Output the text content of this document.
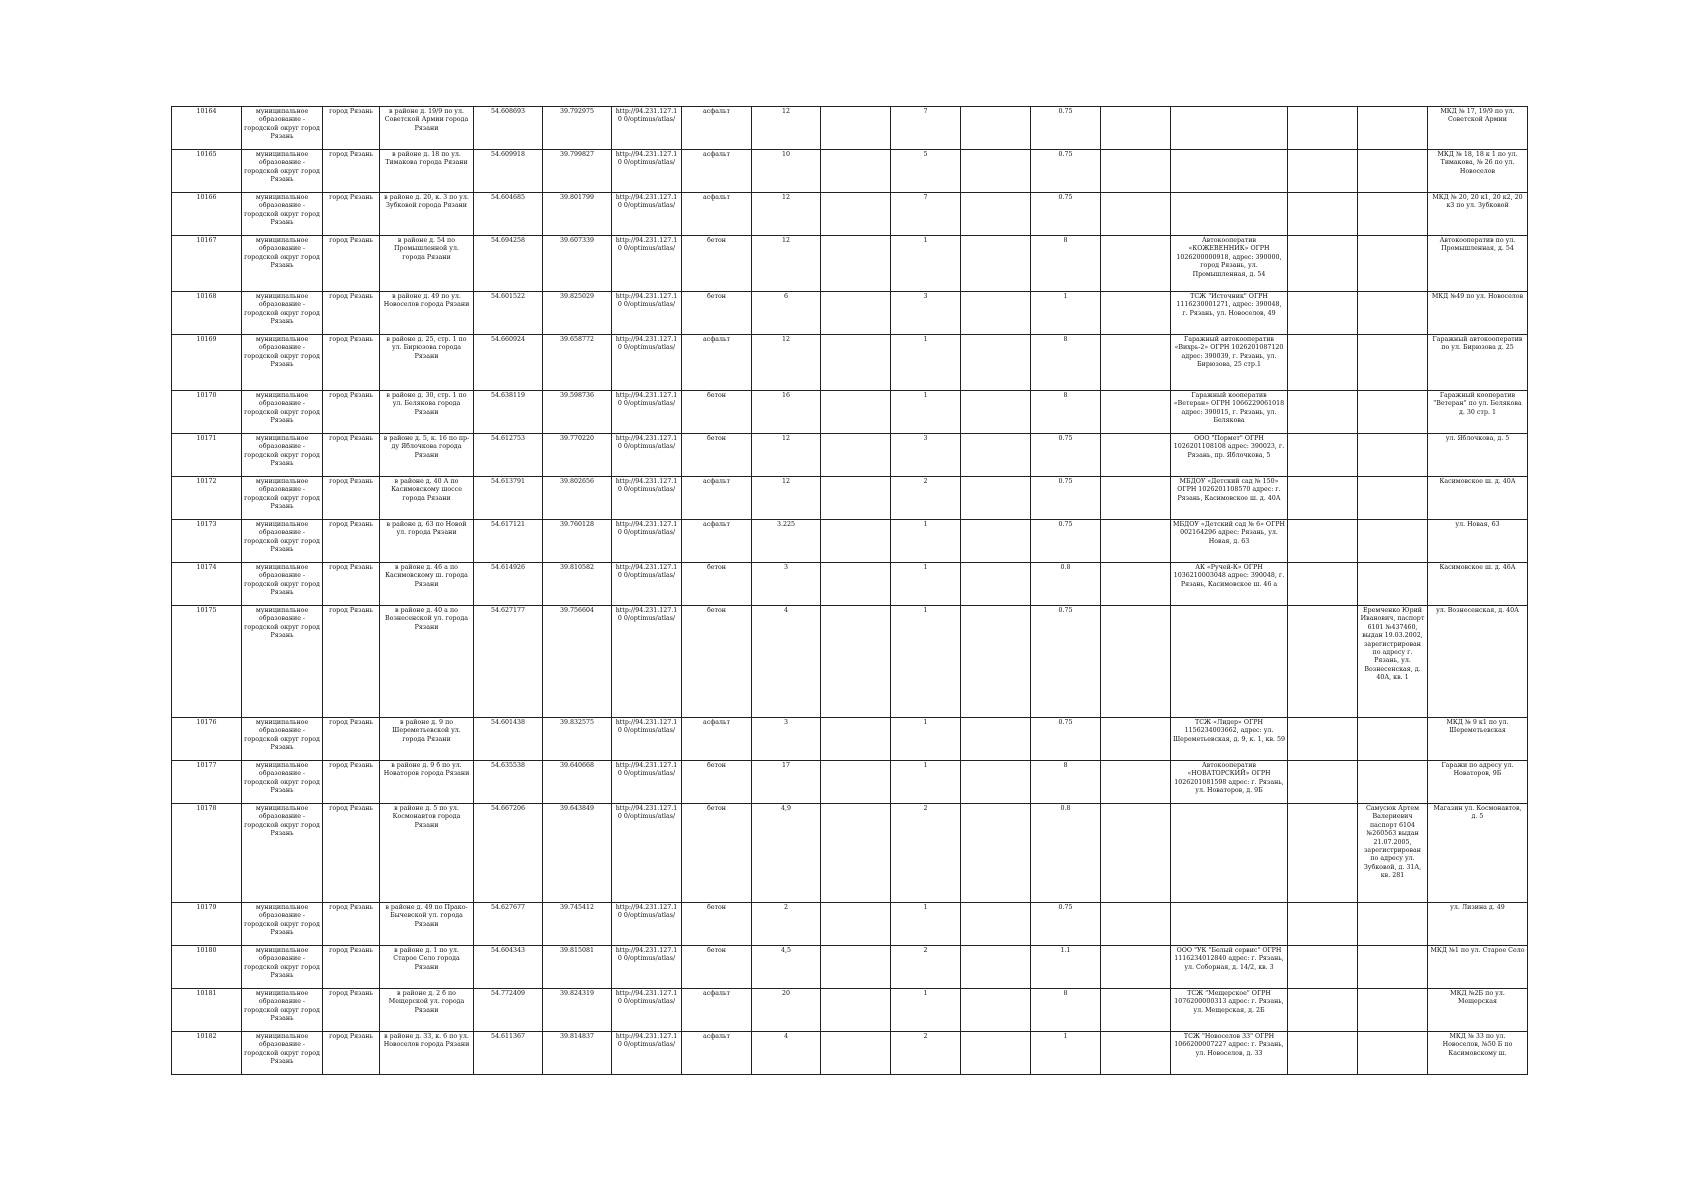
10164	муниципальное образование - городской округ город Рязань	город Рязань	в районе д. 19/9 по ул. Советской Армии города Рязани	54.608693	39.792975	http://94.231.127.10 0/optimus/atlas/	асфальт	12		7		0.75					МКД № 17, 19/9 по ул. Советской Армии
10165	муниципальное образование - городской округ город Рязань	город Рязань	в районе д. 18 по ул. Тимакова города Рязани	54.609918	39.799827	http://94.231.127.10 0/optimus/atlas/	асфальт	10		5		0.75					МКД № 18, 18 к 1 по ул. Тимакова, № 26 по ул. Новоселов
10166	муниципальное образование - городской округ город Рязань	город Рязань	в районе д. 20, к. 3 по ул. Зубковой города Рязани	54.604685	39.801799	http://94.231.127.10 0/optimus/atlas/	асфальт	12		7		0.75					МКД № 20, 20 к1, 20 к2, 20 к3 по ул. Зубковой
10167	муниципальное образование - городской округ город Рязань	город Рязань	в районе д. 54 по Промышленной ул. города Рязани	54.694258	39.607339	http://94.231.127.10 0/optimus/atlas/	бетон	12		1		8		Автокооператив «КОЖЕВЕННИК» ОГРН 1026200000918, адрес: 390000, город Рязань, ул. Промышленная, д. 54			Автокооператив по ул. Промышленная, д. 54
10168	муниципальное образование - городской округ город Рязань	город Рязань	в районе д. 49 по ул. Новоселов города Рязани	54.601522	39.825029	http://94.231.127.10 0/optimus/atlas/	бетон	6		3		1		ТСЖ "Источник" ОГРН 1116230001271, адрес: 390048, г. Рязань, ул. Новоселов, 49			МКД №49 по ул. Новоселов
10169	муниципальное образование - городской округ город Рязань	город Рязань	в районе д. 25, стр. 1 по ул. Бирюзова города Рязани	54.660924	39.658772	http://94.231.127.10 0/optimus/atlas/	асфальт	12		1		8		Гаражный автокооператив «Вихрь-2» ОГРН 1026201087120 адрес: 390039, г. Рязань, ул. Бирюзова, 25 стр.1			Гаражный автокооператив по ул. Бирюзова д. 25
10170	муниципальное образование - городской округ город Рязань	город Рязань	в районе д. 30, стр. 1 по ул. Белякова города Рязани	54.638119	39.598736	http://94.231.127.10 0/optimus/atlas/	бетон	16		1		8		Гаражный кооператив «Ветеран» ОГРН 1066229061018 адрес: 390015, г. Рязань, ул. Белякова			Гаражный кооператив "Ветеран" по ул. Белякова д. 30 стр. 1
10171	муниципальное образование - городской округ город Рязань	город Рязань	в районе д. 5, к. 16 по пр-ду Яблочкова города Рязани	54.612753	39.770220	http://94.231.127.10 0/optimus/atlas/	бетон	12		3		0.75		ООО "Пормет" ОГРН 1026201108108 адрес: 390023, г. Рязань, пр. Яблочкова, 5			ул. Яблочкова, д. 5
10172	муниципальное образование - городской округ город Рязань	город Рязань	в районе д. 40 А по Касимовскому шоссе города Рязани	54.613791	39.802656	http://94.231.127.10 0/optimus/atlas/	асфальт	12		2		0.75		МБДОУ «Детский сад № 150» ОГРН 1026201108570 адрес: г. Рязань, Касимовское ш. д. 40А			Касимовское ш. д. 40А
10173	муниципальное образование - городской округ город Рязань	город Рязань	в районе д. 63 по Новой ул. города Рязани	54.617121	39.760128	http://94.231.127.10 0/optimus/atlas/	асфальт	3.225		1		0.75		МБДОУ «Детский сад № 6» ОГРН 002164296 адрес: Рязань, ул. Новая, д. 63			ул. Новая, 63
10174	муниципальное образование - городской округ город Рязань	город Рязань	в районе д. 46 а по Касимовскому ш. города Рязани	54.614926	39.810582	http://94.231.127.10 0/optimus/atlas/	бетон	3		1		0.8		АК «Ручей-К» ОГРН 1036210003048 адрес: 390048, г. Рязань, Касимовское ш. 46 а			Касимовское ш. д. 46А
10175	муниципальное образование - городской округ город Рязань	город Рязань	в районе д. 40 а по Вознесенской ул. города Рязани	54.627177	39.756604	http://94.231.127.10 0/optimus/atlas/	бетон	4		1		0.75				Еремченко Юрий Иванович, паспорт 6101 №437460, выдан 19.03.2002, зарегистрирован по адресу г. Рязань, ул. Вознесенская, д. 40А, кв. 1	ул. Вознесенская, д. 40А
10176	муниципальное образование - городской округ город Рязань	город Рязань	в районе д. 9 по Шереметьевской ул. города Рязани	54.601438	39.832575	http://94.231.127.10 0/optimus/atlas/	асфальт	3		1		0.75		ТСЖ «Лидер» ОГРН 1156234003662, адрес: ул. Шереметьевская, д. 9, к. 1, кв. 59			МКД № 9 к1 по ул. Шереметьевская
10177	муниципальное образование - городской округ город Рязань	город Рязань	в районе д. 9 б по ул. Новаторов города Рязани	54.635538	39.640668	http://94.231.127.10 0/optimus/atlas/	бетон	17		1		8		Автокооператив «НОВАТОРСКИЙ» ОГРН 1026201081598 адрес: г. Рязань, ул. Новаторов, д. 9Б			Гаражи по адресу ул. Новаторов, 9Б
10178	муниципальное образование - городской округ город Рязань	город Рязань	в районе д. 5 по ул. Космонавтов города Рязани	54.667206	39.643849	http://94.231.127.10 0/optimus/atlas/	бетон	4,9		2		0.8				Самусюк Артем Валериевич паспорт 6104 №260563 выдан 21.07.2005, зарегистрирован по адресу ул. Зубковой, д. 31А, кв. 281	Магазин ул. Космонавтов, д. 5
10179	муниципальное образование - городской округ город Рязань	город Рязань	в районе д. 49 по Прако-Бычевской ул. города Рязани	54.627677	39.745412	http://94.231.127.10 0/optimus/atlas/	бетон	2		1		0.75					ул. Лизина д. 49
10180	муниципальное образование - городской округ город Рязань	город Рязань	в районе д. 1 по ул. Старое Село города Рязани	54.604343	39.815081	http://94.231.127.10 0/optimus/atlas/	бетон	4,5		2		1.1		ООО "УК "Белый сервис" ОГРН 1116234012840 адрес: г. Рязань, ул. Соборная, д. 14/2, кв. 3			МКД №1 по ул. Старое Село
10181	муниципальное образование - городской округ город Рязань	город Рязань	в районе д. 2 б по Мещерской ул. города Рязани	54.772409	39.824319	http://94.231.127.10 0/optimus/atlas/	асфальт	20		1		8		ТСЖ "Мещерское" ОГРН 1076200000313 адрес: г. Рязань, ул. Мещерская, д. 2Б			МКД №2Б по ул. Мещерская
10182	муниципальное образование - городской округ город Рязань	город Рязань	в районе д. 33, к. 6 по ул. Новоселов города Рязани	54.611367	39.814837	http://94.231.127.10 0/optimus/atlas/	асфальт	4		2		1		ТСЖ "Новоселов 33" ОГРН 1066200007227 адрес: г. Рязань, ул. Новоселов, д. 33			МКД № 33 по ул. Новоселов, №50 Б по Касимовскому ш.
